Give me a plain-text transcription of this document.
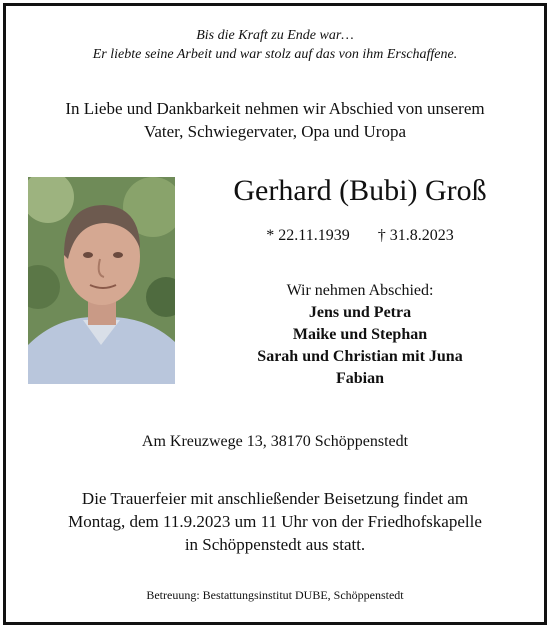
Bis die Kraft zu Ende war…
Er liebte seine Arbeit und war stolz auf das von ihm Erschaffene.
In Liebe und Dankbarkeit nehmen wir Abschied von unserem
Vater, Schwiegervater, Opa und Uropa
Gerhard (Bubi) Groß
* 22.11.1939 † 31.8.2023
Wir nehmen Abschied:
Jens und Petra
Maike und Stephan
Sarah und Christian mit Juna
Fabian
Am Kreuzwege 13, 38170 Schöppenstedt
Die Trauerfeier mit anschließender Beisetzung findet am
Montag, dem 11.9.2023 um 11 Uhr von der Friedhofskapelle
in Schöppenstedt aus statt.
Betreuung: Bestattungsinstitut DUBE, Schöppenstedt
